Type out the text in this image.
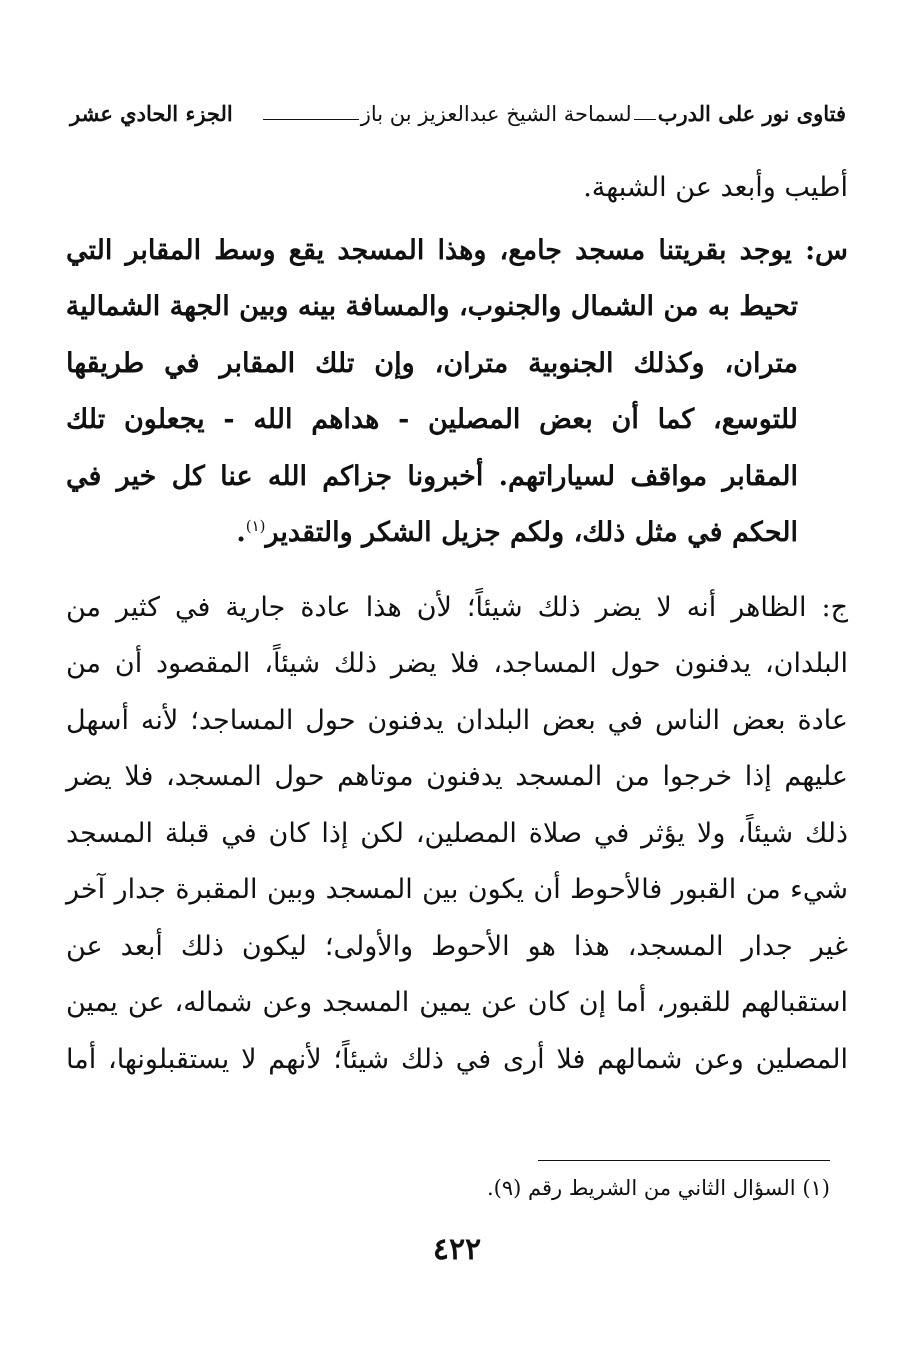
فتاوى نور على الدرب
لسماحة الشيخ عبدالعزيز بن باز
الجزء الحادي عشر
أطيب وأبعد عن الشبهة.
س: يوجد بقريتنا مسجد جامع، وهذا المسجد يقع وسط المقابر التي
تحيط به من الشمال والجنوب، والمسافة بينه وبين الجهة الشمالية
متران، وكذلك الجنوبية متران، وإن تلك المقابر في طريقها
للتوسع، كما أن بعض المصلين - هداهم الله - يجعلون تلك
المقابر مواقف لسياراتهم. أخبرونا جزاكم الله عنا كل خير في
الحكم في مثل ذلك، ولكم جزيل الشكر والتقدير$^{(١)}$.
ج: الظاهر أنه لا يضر ذلك شيئاً؛ لأن هذا عادة جارية في كثير من
البلدان، يدفنون حول المساجد، فلا يضر ذلك شيئاً، المقصود أن من
عادة بعض الناس في بعض البلدان يدفنون حول المساجد؛ لأنه أسهل
عليهم إذا خرجوا من المسجد يدفنون موتاهم حول المسجد، فلا يضر
ذلك شيئاً، ولا يؤثر في صلاة المصلين، لكن إذا كان في قبلة المسجد
شيء من القبور فالأحوط أن يكون بين المسجد وبين المقبرة جدار آخر
غير جدار المسجد، هذا هو الأحوط والأولى؛ ليكون ذلك أبعد عن
استقبالهم للقبور، أما إن كان عن يمين المسجد وعن شماله، عن يمين
المصلين وعن شمالهم فلا أرى في ذلك شيئاً؛ لأنهم لا يستقبلونها، أما
(١) السؤال الثاني من الشريط رقم (٩).
٤٢٢
